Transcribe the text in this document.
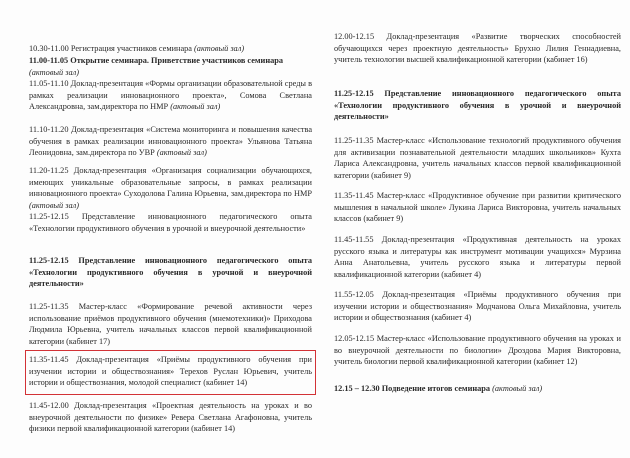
10.30-11.00 Регистрация участников семинара (актовый зал)

11.00-11.05 Открытие семинара. Приветствие участников семинара
(актовый зал)

11.05-11.10 Доклад-презентация «Формы организации образовательной среды в рамках реализации инновационного проекта», Сомова Светлана Александровна, зам.директора по НМР (актовый зал)

11.10-11.20 Доклад-презентация «Система мониторинга и повышения качества обучения в рамках реализации инновационного проекта» Ульянова Татьяна Леонидовна, зам.директора по УВР (актовый зал)

11.20-11.25 Доклад-презентация «Организация социализации обучающихся, имеющих уникальные образовательные запросы, в рамках реализации инновационного проекта» Суходолова Галина Юрьевна, зам.директора по НМР (актовый зал)

11.25-12.15 Представление инновационного педагогического опыта «Технологии продуктивного обучения в урочной и внеурочной деятельности»

11.25-12.15 Представление инновационного педагогического опыта «Технологии продуктивного обучения в урочной и внеурочной деятельности»

11.25-11.35 Мастер-класс «Формирование речевой активности через использование приёмов продуктивного обучения (мнемотехники)» Приходова Людмила Юрьевна, учитель начальных классов первой квалификационной категории (кабинет 17)

11.35-11.45 Доклад-презентация «Приёмы продуктивного обучения при изучении истории и обществознания» Терехов Руслан Юрьевич, учитель истории и обществознания, молодой специалист (кабинет 14)

11.45-12.00 Доклад-презентация «Проектная деятельность на уроках и во внеурочной деятельности по физике» Ревера Светлана Агафоновна, учитель физики первой квалификационной категории (кабинет 14)

12.00-12.15 Доклад-презентация «Развитие творческих способностей обучающихся через проектную деятельность» Брухно Лилия Геннадиевна, учитель технологии высшей квалификационной категории (кабинет 16)

11.25-12.15 Представление инновационного педагогического опыта «Технологии продуктивного обучения в урочной и внеурочной деятельности»

11.25-11.35 Мастер-класс «Использование технологий продуктивного обучения для активизации познавательной деятельности младших школьников» Кухта Лариса Александровна, учитель начальных классов первой квалификационной категории (кабинет 9)

11.35-11.45 Мастер-класс «Продуктивное обучение при развитии критического мышления в начальной школе» Лукина Лариса Викторовна, учитель начальных классов (кабинет 9)

11.45-11.55 Доклад-презентация «Продуктивная деятельность на уроках русского языка и литературы как инструмент мотивации учащихся» Мурзина Анна Анатольевна, учитель русского языка и литературы первой квалификационной категории (кабинет 4)

11.55-12.05 Доклад-презентация «Приёмы продуктивного обучения при изучении истории и обществознания» Модчанова Ольга Михайловна, учитель истории и обществознания (кабинет 4)

12.05-12.15 Мастер-класс «Использование продуктивного обучения на уроках и во внеурочной деятельности по биологии» Дроздова Мария Викторовна, учитель биологии первой квалификационной категории (кабинет 12)

12.15 – 12.30 Подведение итогов семинара (актовый зал)
